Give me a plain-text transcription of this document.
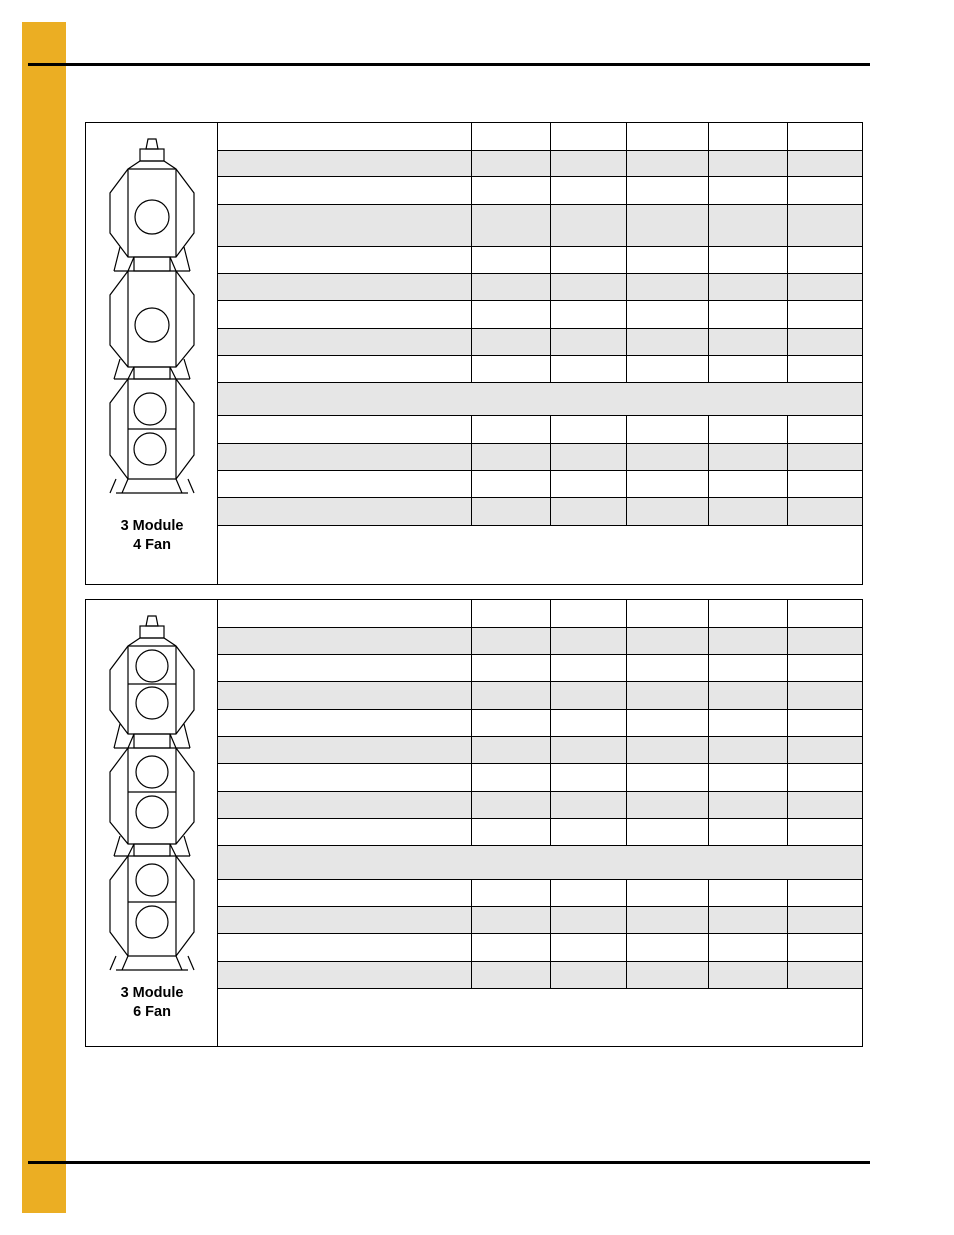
3 Module
4 Fan
3 Module
6 Fan
